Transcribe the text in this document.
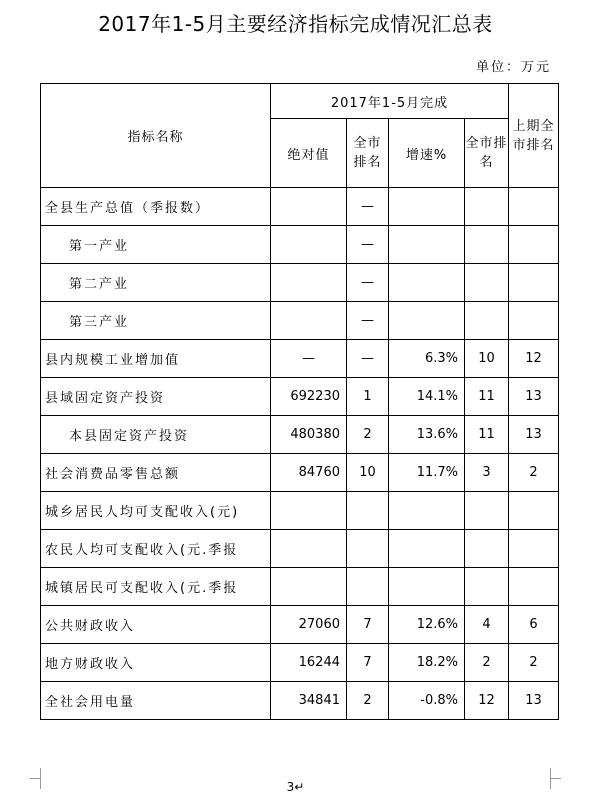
2017年1-5月主要经济指标完成情况汇总表
单位：万元
指标名称	2017年1-5月完成				上期全市排名
	绝对值	全市排名	增速%	全市排名	
全县生产总值（季报数）		—			
第一产业		—			
第二产业		—			
第三产业		—			
县内规模工业增加值	—	—	6.3%	10	12
县域固定资产投资	692230	1	14.1%	11	13
本县固定资产投资	480380	2	13.6%	11	13
社会消费品零售总额	84760	10	11.7%	3	2
城乡居民人均可支配收入(元)					
农民人均可支配收入(元.季报					
城镇居民可支配收入(元.季报					
公共财政收入	27060	7	12.6%	4	6
地方财政收入	16244	7	18.2%	2	2
全社会用电量	34841	2	-0.8%	12	13
3↵
